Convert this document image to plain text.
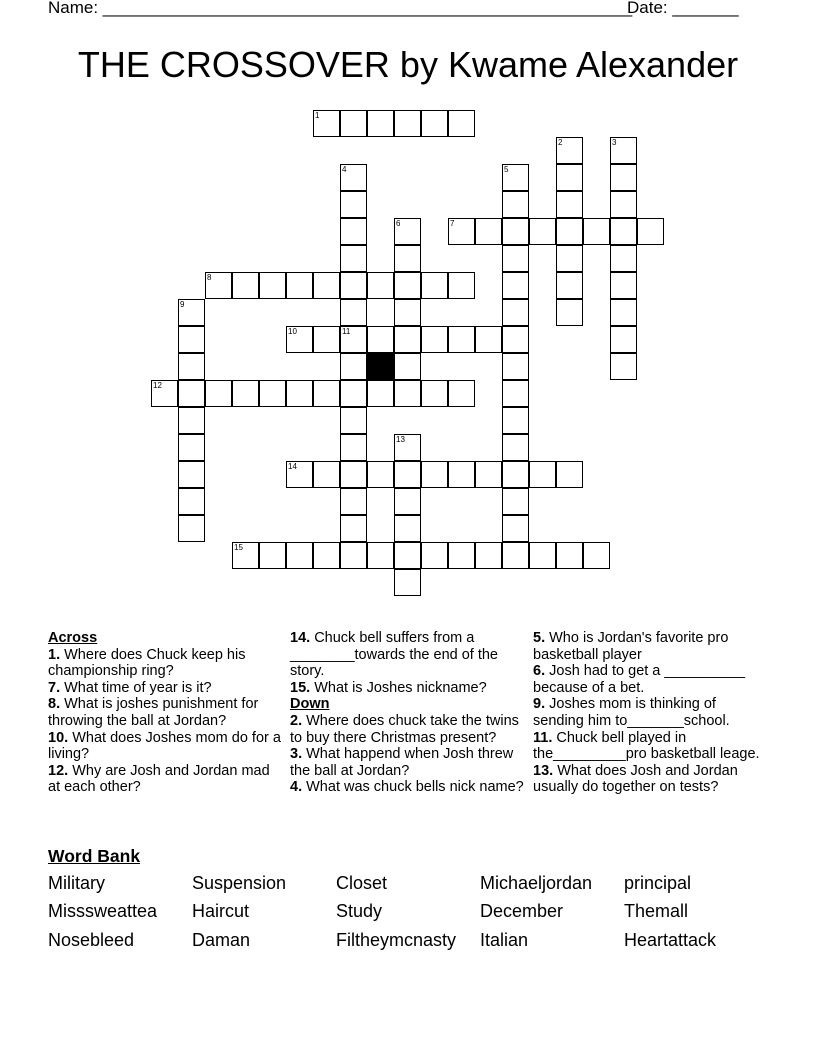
Name: ________________________________________________________
Date: _______
THE CROSSOVER by Kwame Alexander
1
2	3
4
11
5
6	7
8
9
10
12
13
14
15
Across
1. Where does Chuck keep his championship ring?
7. What time of year is it?
8. What is joshes punishment for throwing the ball at Jordan?
10. What does Joshes mom do for a living?
12. Why are Josh and Jordan mad at each other?
14. Chuck bell suffers from a ________towards the end of the story.
15. What is Joshes nickname?
Down
2. Where does chuck take the twins to buy there Christmas present?
3. What happend when Josh threw the ball at Jordan?
4. What was chuck bells nick name?
5. Who is Jordan's favorite pro basketball player
6. Josh had to get a __________ because of a bet.
9. Joshes mom is thinking of sending him to_______school.
11. Chuck bell played in the_________pro basketball leage.
13. What does Josh and Jordan usually do together on tests?
Word Bank
Military	Suspension	Closet	Michaeljordan principal
Misssweattea Haircut	Study	December	Themall
Nosebleed	Daman	Filtheymcnasty Italian	Heartattack
